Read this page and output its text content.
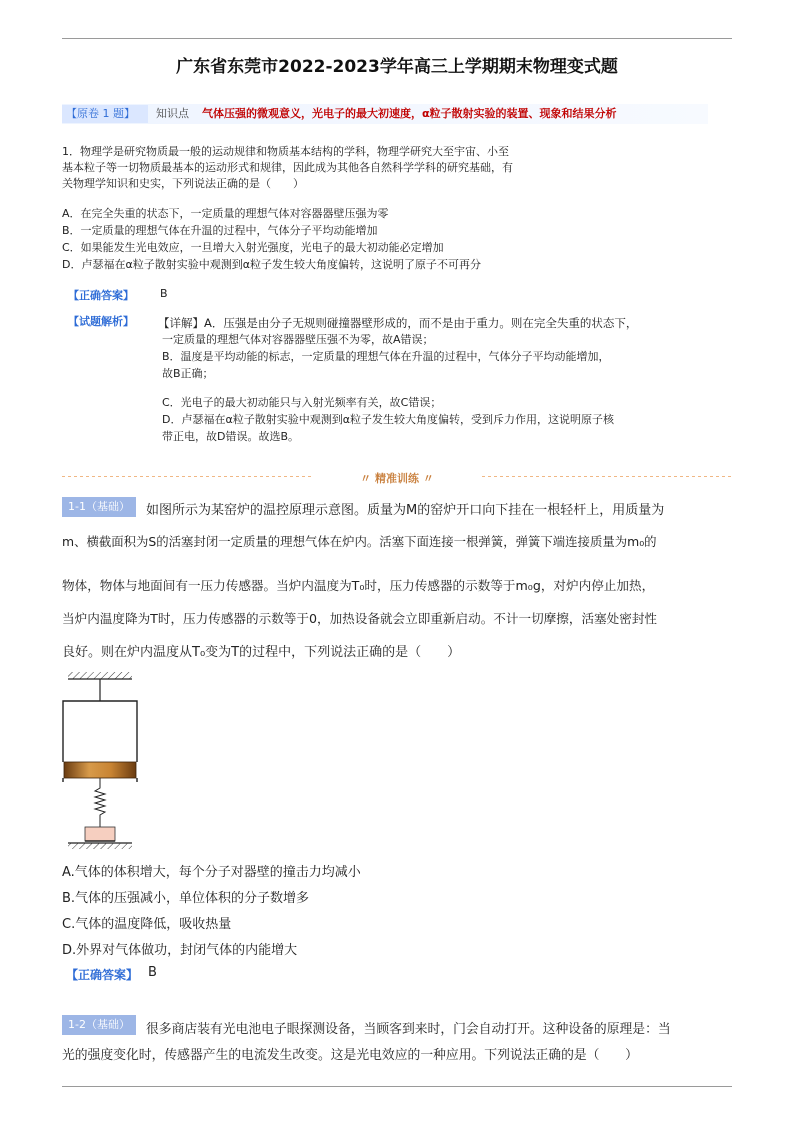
广东省东莞市2022-2023学年高三上学期期末物理变式题
【原卷 1 题】	知识点 气体压强的微观意义，光电子的最大初速度，α粒子散射实验的装置、现象和结果分析
1．物理学是研究物质最一般的运动规律和物质基本结构的学科，物理学研究大至宇宙、小至
基本粒子等一切物质最基本的运动形式和规律，因此成为其他各自然科学学科的研究基础，有
关物理学知识和史实，下列说法正确的是（　　）
A．在完全失重的状态下，一定质量的理想气体对容器器壁压强为零
B．一定质量的理想气体在升温的过程中，气体分子平均动能增加
C．如果能发生光电效应，一旦增大入射光强度，光电子的最大初动能必定增加
D．卢瑟福在α粒子散射实验中观测到α粒子发生较大角度偏转，这说明了原子不可再分
【正确答案】 B
【试题解析】 【详解】A．压强是由分子无规则碰撞器壁形成的，而不是由于重力。则在完全失重的状态下，
一定质量的理想气体对容器器壁压强不为零，故A错误；
B．温度是平均动能的标志，一定质量的理想气体在升温的过程中，气体分子平均动能增加，
故B正确；
C．光电子的最大初动能只与入射光频率有关，故C错误；
D．卢瑟福在α粒子散射实验中观测到α粒子发生较大角度偏转，受到斥力作用，这说明原子核
带正电，故D错误。故选B。
〃 精准训练 〃
1-1（基础）	如图所示为某窑炉的温控原理示意图。质量为M的窑炉开口向下挂在一根轻杆上，用质量为
m、横截面积为S的活塞封闭一定质量的理想气体在炉内。活塞下面连接一根弹簧，弹簧下端连接质量为m₀的
物体，物体与地面间有一压力传感器。当炉内温度为T₀时，压力传感器的示数等于m₀g，对炉内停止加热，
当炉内温度降为T时，压力传感器的示数等于0，加热设备就会立即重新启动。不计一切摩擦，活塞处密封性
良好。则在炉内温度从T₀变为T的过程中，下列说法正确的是（　　）
A.气体的体积增大，每个分子对器壁的撞击力均减小
B.气体的压强减小，单位体积的分子数增多
C.气体的温度降低，吸收热量
D.外界对气体做功，封闭气体的内能增大
【正确答案】 B
1-2（基础）	很多商店装有光电池电子眼探测设备，当顾客到来时，门会自动打开。这种设备的原理是：当
光的强度变化时，传感器产生的电流发生改变。这是光电效应的一种应用。下列说法正确的是（　　）
